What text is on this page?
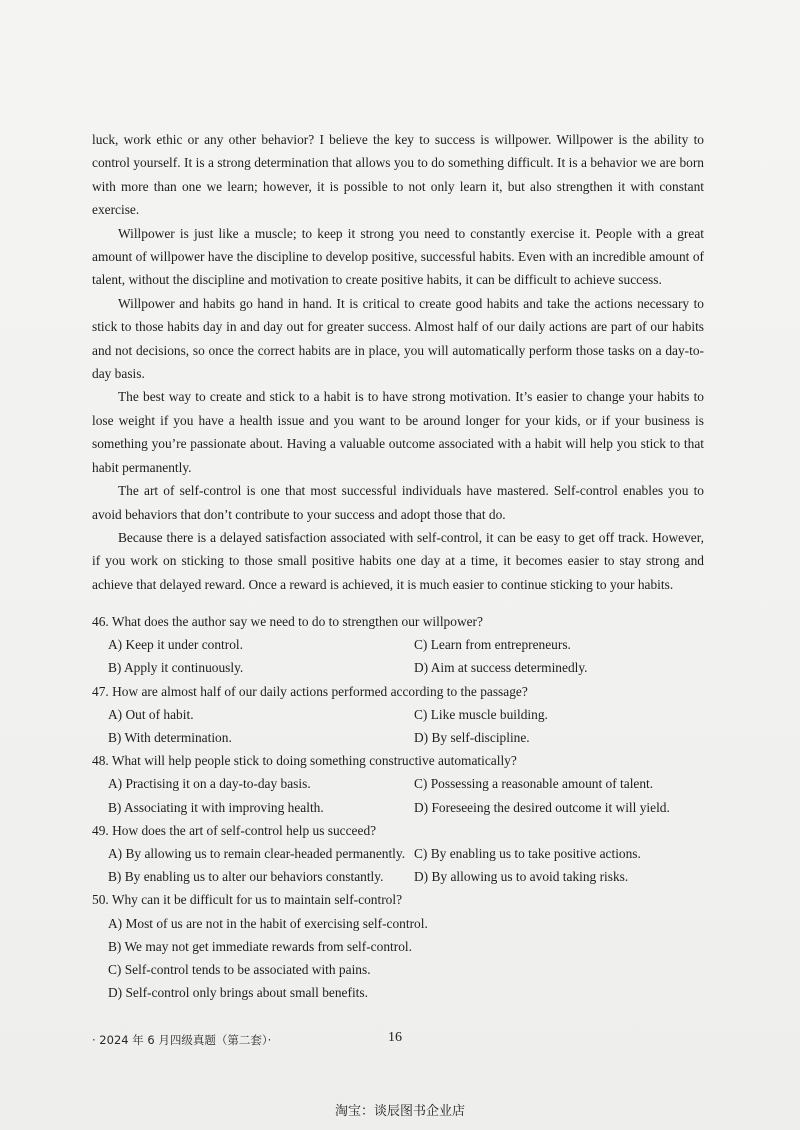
luck, work ethic or any other behavior? I believe the key to success is willpower. Willpower is the ability to control yourself. It is a strong determination that allows you to do something difficult. It is a behavior we are born with more than one we learn; however, it is possible to not only learn it, but also strengthen it with constant exercise.

Willpower is just like a muscle; to keep it strong you need to constantly exercise it. People with a great amount of willpower have the discipline to develop positive, successful habits. Even with an incredible amount of talent, without the discipline and motivation to create positive habits, it can be difficult to achieve success.

Willpower and habits go hand in hand. It is critical to create good habits and take the actions necessary to stick to those habits day in and day out for greater success. Almost half of our daily actions are part of our habits and not decisions, so once the correct habits are in place, you will automatically perform those tasks on a day-to-day basis.

The best way to create and stick to a habit is to have strong motivation. It’s easier to change your habits to lose weight if you have a health issue and you want to be around longer for your kids, or if your business is something you’re passionate about. Having a valuable outcome associated with a habit will help you stick to that habit permanently.

The art of self-control is one that most successful individuals have mastered. Self-control enables you to avoid behaviors that don’t contribute to your success and adopt those that do.

Because there is a delayed satisfaction associated with self-control, it can be easy to get off track. However, if you work on sticking to those small positive habits one day at a time, it becomes easier to stay strong and achieve that delayed reward. Once a reward is achieved, it is much easier to continue sticking to your habits.

46. What does the author say we need to do to strengthen our willpower?

A) Keep it under control.	C) Learn from entrepreneurs.
B) Apply it continuously.	D) Aim at success determinedly.

47. How are almost half of our daily actions performed according to the passage?

A) Out of habit.	C) Like muscle building.
B) With determination.	D) By self-discipline.

48. What will help people stick to doing something constructive automatically?

A) Practising it on a day-to-day basis.	C) Possessing a reasonable amount of talent.
B) Associating it with improving health.	D) Foreseeing the desired outcome it will yield.

49. How does the art of self-control help us succeed?

A) By allowing us to remain clear-headed permanently. C) By enabling us to take positive actions.
B) By enabling us to alter our behaviors constantly.	D) By allowing us to avoid taking risks.

50. Why can it be difficult for us to maintain self-control?

A) Most of us are not in the habit of exercising self-control.

B) We may not get immediate rewards from self-control.

C) Self-control tends to be associated with pains.

D) Self-control only brings about small benefits.

· 2024 年 6 月四级真题（第二套）·	16
淘宝：谈辰图书企业店
